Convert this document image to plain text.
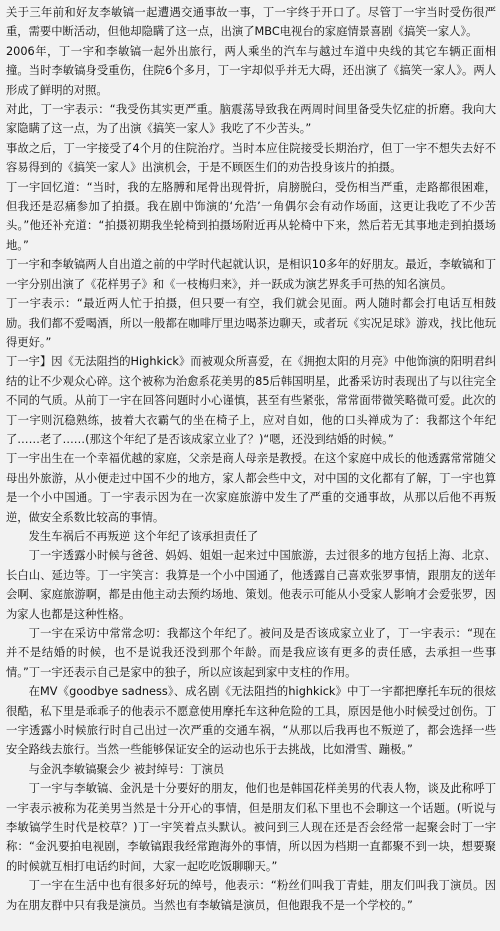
关于三年前和好友李敏镐一起遭遇交通事故一事，丁一宇终于开口了。尽管丁一宇当时受伤很严重，需要中断活动，但他却隐瞒了这一点，出演了MBC电视台的家庭情景喜剧《搞笑一家人》。

2006年，丁一宇和李敏镐一起外出旅行，两人乘坐的汽车与越过车道中央线的其它车辆正面相撞。当时李敏镐身受重伤，住院6个多月，丁一宇却似乎并无大碍，还出演了《搞笑一家人》。两人形成了鲜明的对照。

对此，丁一宇表示：“我受伤其实更严重。脑震荡导致我在两周时间里备受失忆症的折磨。我向大家隐瞒了这一点，为了出演《搞笑一家人》我吃了不少苦头。”

事故之后，丁一宇接受了4个月的住院治疗。当时本应住院接受长期治疗，但丁一宇不想失去好不容易得到的《搞笑一家人》出演机会，于是不顾医生们的劝告投身该片的拍摄。

丁一宇回忆道：“当时，我的左胳膊和尾骨出现骨折，肩膀脱臼，受伤相当严重，走路都很困难，但我还是忍痛参加了拍摄。我在剧中饰演的‘允浩’一角偶尔会有动作场面，这更让我吃了不少苦头。”他还补充道：“拍摄初期我坐轮椅到拍摄场附近再从轮椅中下来，然后若无其事地走到拍摄场地。”

丁一宇和李敏镐两人自出道之前的中学时代起就认识，是相识10多年的好朋友。最近，李敏镐和丁一宇分别出演了《花样男子》和《一枝梅归来》，并一跃成为演艺界炙手可热的知名演员。

丁一宇表示：“最近两人忙于拍摄，但只要一有空，我们就会见面。两人随时都会打电话互相鼓励。我们都不爱喝酒，所以一般都在咖啡厅里边喝茶边聊天，或者玩《实况足球》游戏，找比他玩得更好。”

丁一宇】因《无法阻挡的Highkick》而被观众所喜爱，在《拥抱太阳的月亮》中他饰演的阳明君纠结的让不少观众心碎。这个被称为治愈系花美男的85后韩国明星，此番采访时表现出了与以往完全不同的气质。从前丁一宇在回答问题时小心谨慎，甚至有些紧张，常常面带微笑略微可爱。此次的丁一宇则沉稳熟练，披着大衣霸气的坐在椅子上，应对自如，他的口头禅成为了：我都这个年纪了……老了……(那这个年纪了是否该成家立业了？)“嗯，还没到结婚的时候。”

丁一宇出生在一个幸福优越的家庭，父亲是商人母亲是教授。在这个家庭中成长的他透露常常随父母出外旅游，从小便走过中国不少的地方，家人都会些中文，对中国的文化都有了解，丁一宇也算是一个小中国通。丁一宇表示因为在一次家庭旅游中发生了严重的交通事故，从那以后他不再叛逆，做安全系数比较高的事情。

发生车祸后不再叛逆 这个年纪了该承担责任了

丁一宇透露小时候与爸爸、妈妈、姐姐一起来过中国旅游，去过很多的地方包括上海、北京、长白山、延边等。丁一宇笑言：我算是一个小中国通了，他透露自己喜欢张罗事情，跟朋友的送年会啊、家庭旅游啊，都是由他主动去预约场地、策划。他表示可能从小受家人影响才会爱张罗，因为家人也都是这种性格。

丁一宇在采访中常常念叨：我都这个年纪了。被问及是否该成家立业了，丁一宇表示：“现在并不是结婚的时候，也不是说我还没到那个年龄。而是我应该有更多的责任感，去承担一些事情。”丁一宇还表示自己是家中的独子，所以应该起到家中支柱的作用。

在MV《goodbye sadness》、成名剧《无法阻挡的highkick》中丁一宇都把摩托车玩的很炫很酷，私下里是乖乖子的他表示不愿意使用摩托车这种危险的工具，原因是他小时候受过创伤。丁一宇透露小时候旅行时自己出过一次严重的交通车祸，“从那以后我再也不叛逆了，都会选择一些安全路线去旅行。当然一些能够保证安全的运动也乐于去挑战，比如滑雪、蹦极。”

与金汎李敏镐聚会少 被封绰号：丁演员

丁一宇与李敏镐、金汎是十分要好的朋友，他们也是韩国花样美男的代表人物，谈及此称呼丁一宇表示被称为花美男当然是十分开心的事情，但是朋友们私下里也不会聊这一个话题。(听说与李敏镐学生时代是校草？)丁一宇笑着点头默认。被问到三人现在还是否会经常一起聚会时丁一宇称：“金汎要拍电视剧，李敏镐跟我经常跑海外的事情，所以因为档期一直都聚不到一块，想要聚的时候就互相打电话约时间，大家一起吃吃饭聊聊天。”

丁一宇在生活中也有很多好玩的绰号，他表示：“粉丝们叫我丁青蛙，朋友们叫我丁演员。因为在朋友群中只有我是演员。当然也有李敏镐是演员，但他跟我不是一个学校的。”
